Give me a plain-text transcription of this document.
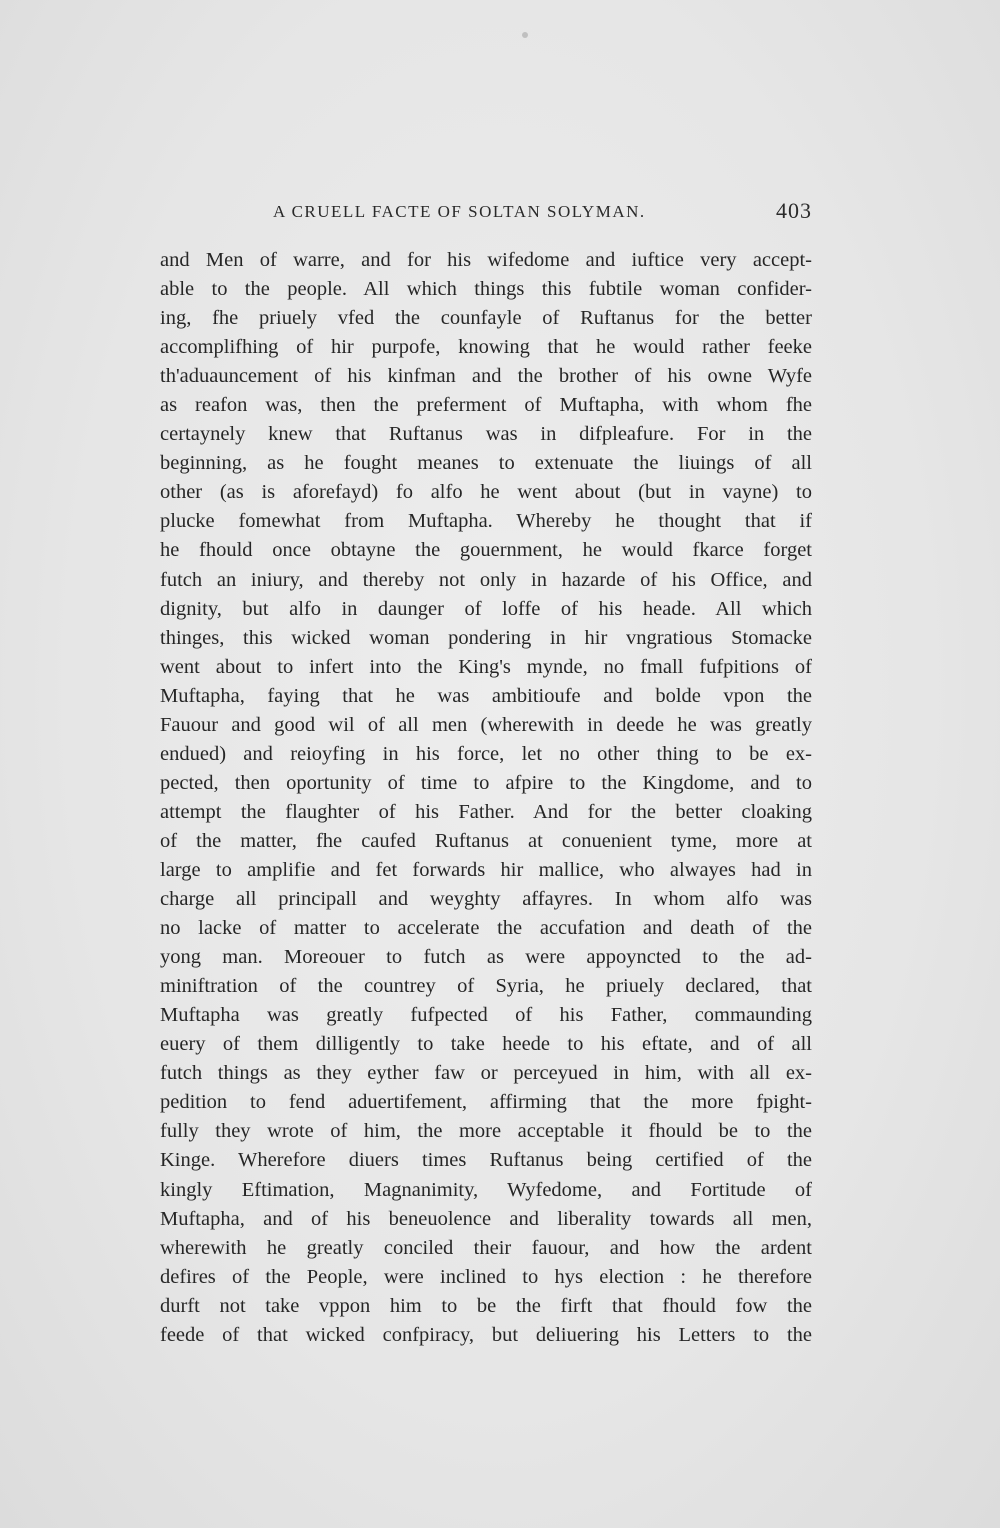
A CRUELL FACTE OF SOLTAN SOLYMAN.	403
and Men of warre, and for his wifedome and iuftice very accept-
able to the people. All which things this fubtile woman confider-
ing, fhe priuely vfed the counfayle of Ruftanus for the better
accomplifhing of hir purpofe, knowing that he would rather feeke
th'aduauncement of his kinfman and the brother of his owne Wyfe
as reafon was, then the preferment of Muftapha, with whom fhe
certaynely knew that Ruftanus was in difpleafure. For in the
beginning, as he fought meanes to extenuate the liuings of all
other (as is aforefayd) fo alfo he went about (but in vayne) to
plucke fomewhat from Muftapha. Whereby he thought that if
he fhould once obtayne the gouernment, he would fkarce forget
futch an iniury, and thereby not only in hazarde of his Office, and
dignity, but alfo in daunger of loffe of his heade. All which
thinges, this wicked woman pondering in hir vngratious Stomacke
went about to infert into the King's mynde, no fmall fufpitions of
Muftapha, faying that he was ambitioufe and bolde vpon the
Fauour and good wil of all men (wherewith in deede he was greatly
endued) and reioyfing in his force, let no other thing to be ex-
pected, then oportunity of time to afpire to the Kingdome, and to
attempt the flaughter of his Father. And for the better cloaking
of the matter, fhe caufed Ruftanus at conuenient tyme, more at
large to amplifie and fet forwards hir mallice, who alwayes had in
charge all principall and weyghty affayres. In whom alfo was
no lacke of matter to accelerate the accufation and death of the
yong man. Moreouer to futch as were appoyncted to the ad-
miniftration of the countrey of Syria, he priuely declared, that
Muftapha was greatly fufpected of his Father, commaunding
euery of them dilligently to take heede to his eftate, and of all
futch things as they eyther faw or perceyued in him, with all ex-
pedition to fend aduertifement, affirming that the more fpight-
fully they wrote of him, the more acceptable it fhould be to the
Kinge. Wherefore diuers times Ruftanus being certified of the
kingly Eftimation, Magnanimity, Wyfedome, and Fortitude of
Muftapha, and of his beneuolence and liberality towards all men,
wherewith he greatly conciled their fauour, and how the ardent
defires of the People, were inclined to hys election : he therefore
durft not take vppon him to be the firft that fhould fow the
feede of that wicked confpiracy, but deliuering his Letters to the
